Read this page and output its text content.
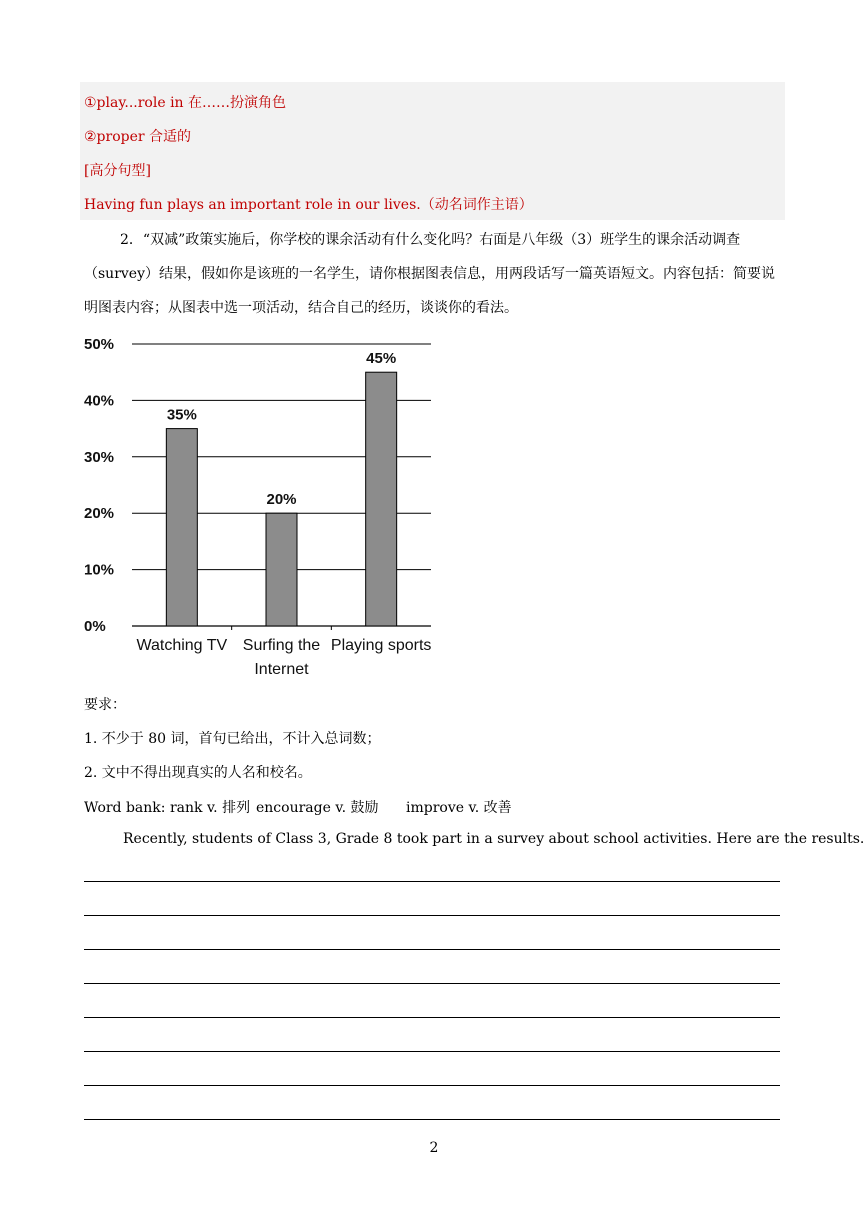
①play...role in 在……扮演角色
②proper 合适的
[高分句型]
Having fun plays an important role in our lives.（动名词作主语）
2．“双减”政策实施后，你学校的课余活动有什么变化吗？右面是八年级（3）班学生的课余活动调查（survey）结果，假如你是该班的一名学生，请你根据图表信息，用两段话写一篇英语短文。内容包括：简要说明图表内容；从图表中选一项活动，结合自己的经历，谈谈你的看法。
0%
10%
20%
30%
40%
50%
35%
Watching TV
20%
Surfing the
Internet
45%
Playing sports
要求：
1. 不少于 80 词，首句已给出，不计入总词数；
2. 文中不得出现真实的人名和校名。
Word bank: rank v. 排列 encourage v. 鼓励 improve v. 改善
Recently, students of Class 3, Grade 8 took part in a survey about school activities. Here are the results.
2
